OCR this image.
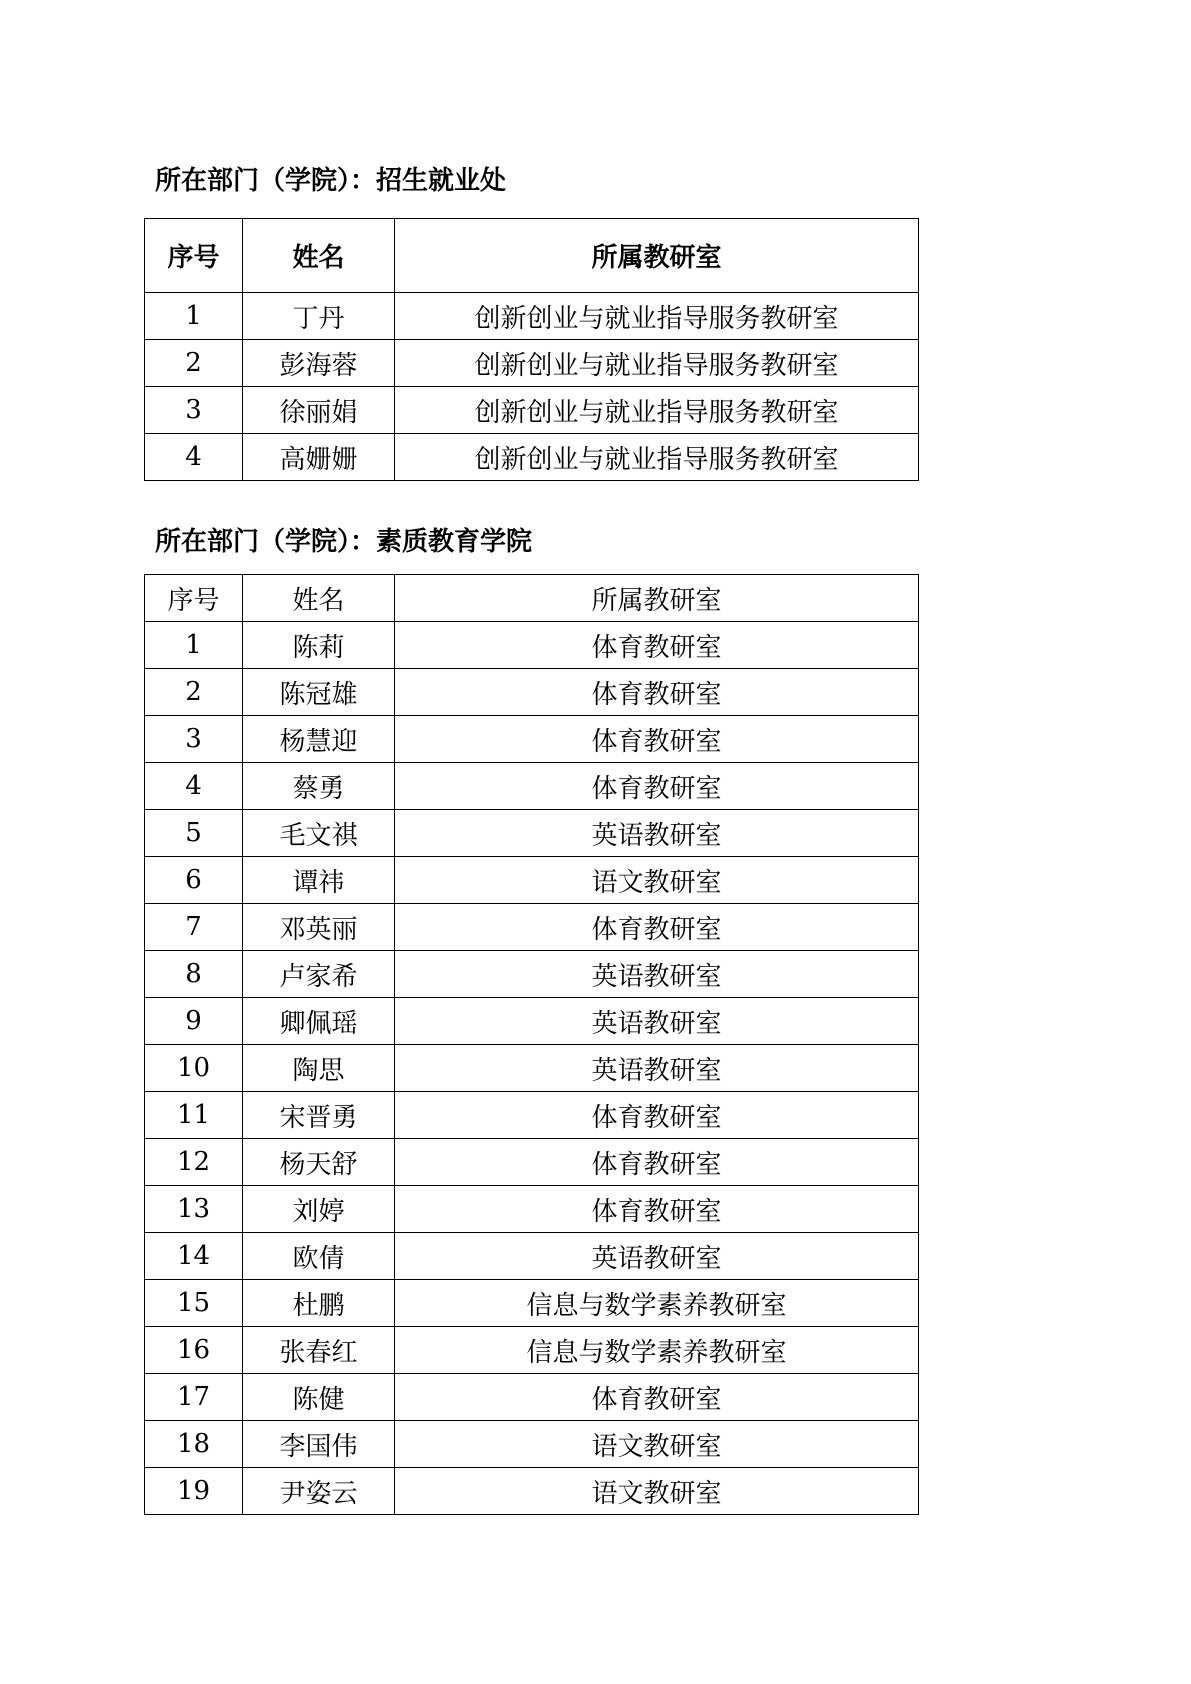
所在部门（学院）：招生就业处
序号	姓名	所属教研室
1	丁丹	创新创业与就业指导服务教研室
2	彭海蓉	创新创业与就业指导服务教研室
3	徐丽娟	创新创业与就业指导服务教研室
4	高姗姗	创新创业与就业指导服务教研室
所在部门（学院）：素质教育学院
序号	姓名	所属教研室
1	陈莉	体育教研室
2	陈冠雄	体育教研室
3	杨慧迎	体育教研室
4	蔡勇	体育教研室
5	毛文祺	英语教研室
6	谭祎	语文教研室
7	邓英丽	体育教研室
8	卢家希	英语教研室
9	卿佩瑶	英语教研室
10	陶思	英语教研室
11	宋晋勇	体育教研室
12	杨天舒	体育教研室
13	刘婷	体育教研室
14	欧倩	英语教研室
15	杜鹏	信息与数学素养教研室
16	张春红	信息与数学素养教研室
17	陈健	体育教研室
18	李国伟	语文教研室
19	尹姿云	语文教研室
